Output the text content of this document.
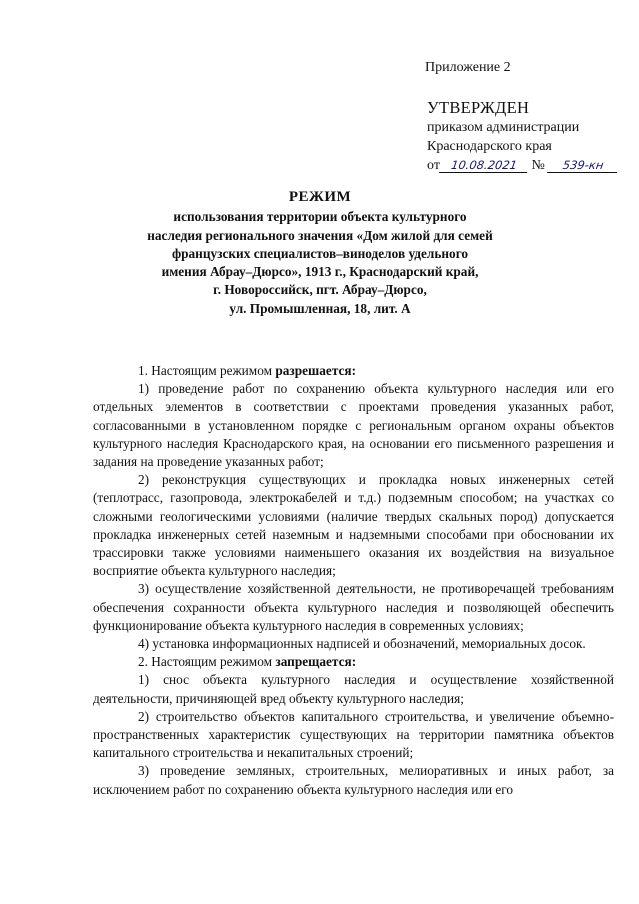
Приложение 2
УТВЕРЖДЕН
приказом администрации
Краснодарского края
от 10.08.2021 № 539-кн
РЕЖИМ
использования территории объекта культурного
наследия регионального значения «Дом жилой для семей
французских специалистов–виноделов удельного
имения Абрау–Дюрсо», 1913 г., Краснодарский край,
г. Новороссийск, пгт. Абрау–Дюрсо,
ул. Промышленная, 18, лит. А

1. Настоящим режимом разрешается:

1) проведение работ по сохранению объекта культурного наследия или его отдельных элементов в соответствии с проектами проведения указанных работ, согласованными в установленном порядке с региональным органом охраны объектов культурного наследия Краснодарского края, на основании его письменного разрешения и задания на проведение указанных работ;

2) реконструкция существующих и прокладка новых инженерных сетей (теплотрасс, газопровода, электрокабелей и т.д.) подземным способом; на участках со сложными геологическими условиями (наличие твердых скальных пород) допускается прокладка инженерных сетей наземным и надземными способами при обосновании их трассировки также условиями наименьшего оказания их воздействия на визуальное восприятие объекта культурного наследия;

3) осуществление хозяйственной деятельности, не противоречащей требованиям обеспечения сохранности объекта культурного наследия и позволяющей обеспечить функционирование объекта культурного наследия в современных условиях;

4) установка информационных надписей и обозначений, мемориальных досок.

2. Настоящим режимом запрещается:

1) снос объекта культурного наследия и осуществление хозяйственной деятельности, причиняющей вред объекту культурного наследия;

2) строительство объектов капитального строительства, и увеличение объемно-пространственных характеристик существующих на территории памятника объектов капитального строительства и некапитальных строений;

3) проведение земляных, строительных, мелиоративных и иных работ, за исключением работ по сохранению объекта культурного наследия или его
